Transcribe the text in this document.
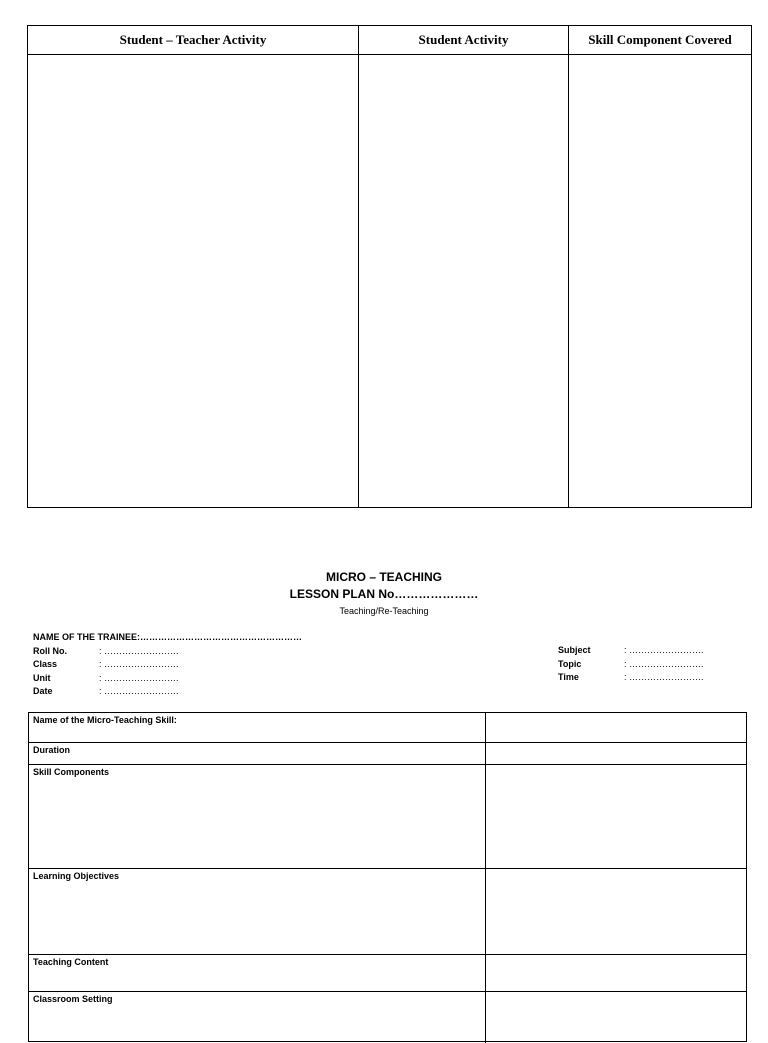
Student – Teacher Activity	Student Activity	Skill Component Covered
MICRO – TEACHING
LESSON PLAN No…………………
Teaching/Re-Teaching
NAME OF THE TRAINEE:………………………………………………
Roll No.	: …………………….
Class	: …………………….
Unit	: …………………….
Date	: …………………….
Subject	: …………………….
Topic	: …………………….
Time	: …………………….
Name of the Micro-Teaching Skill:
Duration
Skill Components
Learning Objectives
Teaching Content
Classroom Setting
